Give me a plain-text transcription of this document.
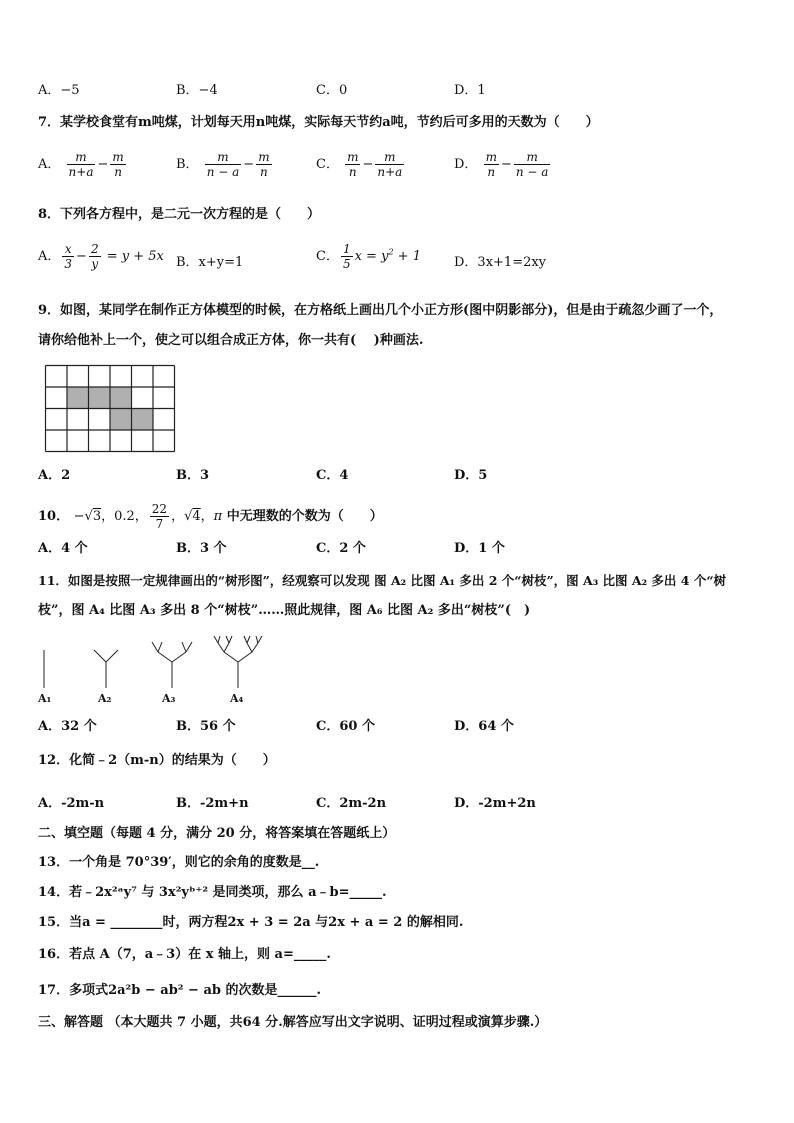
A．−5	B．−4	C．0	D．1
7．某学校食堂有m吨煤，计划每天用n吨煤，实际每天节约a吨，节约后可多用的天数为（　　）
A． $\frac{m}{n+a} - \frac{m}{n}$	B． $\frac{m}{n - a} - \frac{m}{n}$	C． $\frac{m}{n} - \frac{m}{n+a}$	D． $\frac{m}{n} - \frac{m}{n - a}$
8．下列各方程中，是二元一次方程的是（　　）
A． $\frac{x}{3} - \frac{2}{y} = y + 5x$ B．x+y=1	C． $\frac{1}{5}$ $x = y^2 + 1$	D．3x+1=2xy
9．如图，某同学在制作正方体模型的时候，在方格纸上画出几个小正方形(图中阴影部分)，但是由于疏忽少画了一个，
请你给他补上一个，使之可以组合成正方体，你一共有(　 )种画法.
A．2	B．3	C．4	D．5
10． −√3，0.2， $\frac{22}{7}$ ，√4，π 中无理数的个数为（　　）
A．4 个	B．3 个	C．2 个	D．1 个
11．如图是按照一定规律画出的“树形图”，经观察可以发现 图 A₂ 比图 A₁ 多出 2 个“树枝”，图 A₃ 比图 A₂ 多出 4 个“树
枝”，图 A₄ 比图 A₃ 多出 8 个“树枝”……照此规律，图 A₆ 比图 A₂ 多出“树枝”(　)
A₁	A₂	A₃	A₄
A．32 个	B．56 个	C．60 个	D．64 个
12．化简﹣2（m-n）的结果为（　　）
A．-2m-n	B．-2m+n	C．2m-2n	D．-2m+2n
二、填空题（每题 4 分，满分 20 分，将答案填在答题纸上）
13．一个角是 70°39′，则它的余角的度数是__.
14．若﹣2x²ᵃy⁷ 与 3x²yᵇ⁺² 是同类项，那么 a﹣b=_____.
15．当a = ________时，两方程2x + 3 = 2a 与2x + a = 2 的解相同.
16．若点 A（7，a﹣3）在 x 轴上，则 a=_____.
17．多项式2a²b − ab² − ab 的次数是______.
三、解答题 （本大题共 7 小题，共64 分.解答应写出文字说明、证明过程或演算步骤.）
